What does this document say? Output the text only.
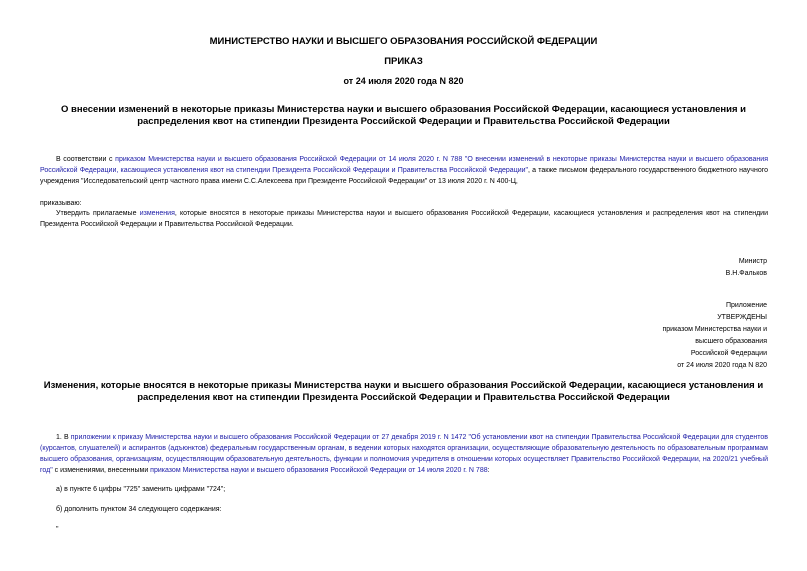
МИНИСТЕРСТВО НАУКИ И ВЫСШЕГО ОБРАЗОВАНИЯ РОССИЙСКОЙ ФЕДЕРАЦИИ
ПРИКАЗ
от 24 июля 2020 года N 820
О внесении изменений в некоторые приказы Министерства науки и высшего образования Российской Федерации, касающиеся установления и распределения квот на стипендии Президента Российской Федерации и Правительства Российской Федерации
В соответствии с приказом Министерства науки и высшего образования Российской Федерации от 14 июля 2020 г. N 788 "О внесении изменений в некоторые приказы Министерства науки и высшего образования Российской Федерации, касающиеся установления квот на стипендии Президента Российской Федерации и Правительства Российской Федерации", а также письмом федерального государственного бюджетного научного учреждения "Исследовательский центр частного права имени С.С.Алексеева при Президенте Российской Федерации" от 13 июля 2020 г. N 400-Ц,
приказываю:
Утвердить прилагаемые изменения, которые вносятся в некоторые приказы Министерства науки и высшего образования Российской Федерации, касающиеся установления и распределения квот на стипендии Президента Российской Федерации и Правительства Российской Федерации.
Министр
В.Н.Фальков
Приложение
УТВЕРЖДЕНЫ
приказом Министерства науки и
высшего образования
Российской Федерации
от 24 июля 2020 года N 820
Изменения, которые вносятся в некоторые приказы Министерства науки и высшего образования Российской Федерации, касающиеся установления и распределения квот на стипендии Президента Российской Федерации и Правительства Российской Федерации
1. В приложении к приказу Министерства науки и высшего образования Российской Федерации от 27 декабря 2019 г. N 1472 "Об установлении квот на стипендии Правительства Российской Федерации для студентов (курсантов, слушателей) и аспирантов (адъюнктов) федеральным государственным органам, в ведении которых находятся организации, осуществляющие образовательную деятельность по образовательным программам высшего образования, организациям, осуществляющим образовательную деятельность, функции и полномочия учредителя в отношении которых осуществляет Правительство Российской Федерации, на 2020/21 учебный год" с изменениями, внесенными приказом Министерства науки и высшего образования Российской Федерации от 14 июля 2020 г. N 788:
а) в пункте 6 цифры "725" заменить цифрами "724";
б) дополнить пунктом 34 следующего содержания:
"
